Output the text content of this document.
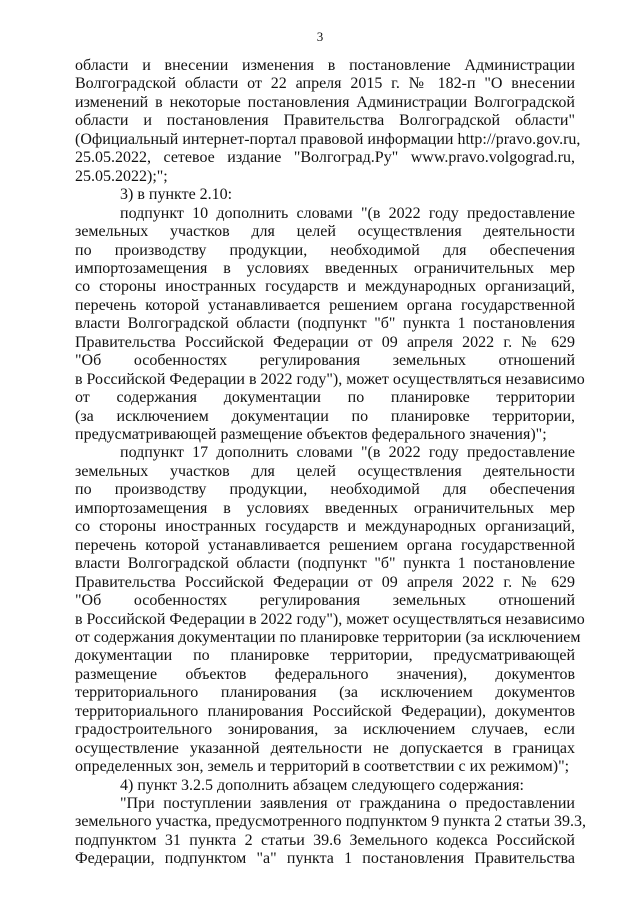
3
области и внесении изменения в постановление Администрации
Волгоградской области от 22 апреля 2015 г. № 182-п "О внесении
изменений в некоторые постановления Администрации Волгоградской
области и постановления Правительства Волгоградской области"
(Официальный интернет-портал правовой информации http://pravo.gov.ru,
25.05.2022, сетевое издание "Волгоград.Ру" www.pravo.volgograd.ru,
25.05.2022);";
3) в пункте 2.10:
подпункт 10 дополнить словами "(в 2022 году предоставление
земельных участков для целей осуществления деятельности
по производству продукции, необходимой для обеспечения
импортозамещения в условиях введенных ограничительных мер
со стороны иностранных государств и международных организаций,
перечень которой устанавливается решением органа государственной
власти Волгоградской области (подпункт "б" пункта 1 постановления
Правительства Российской Федерации от 09 апреля 2022 г. № 629
"Об особенностях регулирования земельных отношений
в Российской Федерации в 2022 году"), может осуществляться независимо
от содержания документации по планировке территории
(за исключением документации по планировке территории,
предусматривающей размещение объектов федерального значения)";
подпункт 17 дополнить словами "(в 2022 году предоставление
земельных участков для целей осуществления деятельности
по производству продукции, необходимой для обеспечения
импортозамещения в условиях введенных ограничительных мер
со стороны иностранных государств и международных организаций,
перечень которой устанавливается решением органа государственной
власти Волгоградской области (подпункт "б" пункта 1 постановление
Правительства Российской Федерации от 09 апреля 2022 г. № 629
"Об особенностях регулирования земельных отношений
в Российской Федерации в 2022 году"), может осуществляться независимо
от содержания документации по планировке территории (за исключением
документации по планировке территории, предусматривающей
размещение объектов федерального значения), документов
территориального планирования (за исключением документов
территориального планирования Российской Федерации), документов
градостроительного зонирования, за исключением случаев, если
осуществление указанной деятельности не допускается в границах
определенных зон, земель и территорий в соответствии с их режимом)";
4) пункт 3.2.5 дополнить абзацем следующего содержания:
"При поступлении заявления от гражданина о предоставлении
земельного участка, предусмотренного подпунктом 9 пункта 2 статьи 39.3,
подпунктом 31 пункта 2 статьи 39.6 Земельного кодекса Российской
Федерации, подпунктом "а" пункта 1 постановления Правительства
